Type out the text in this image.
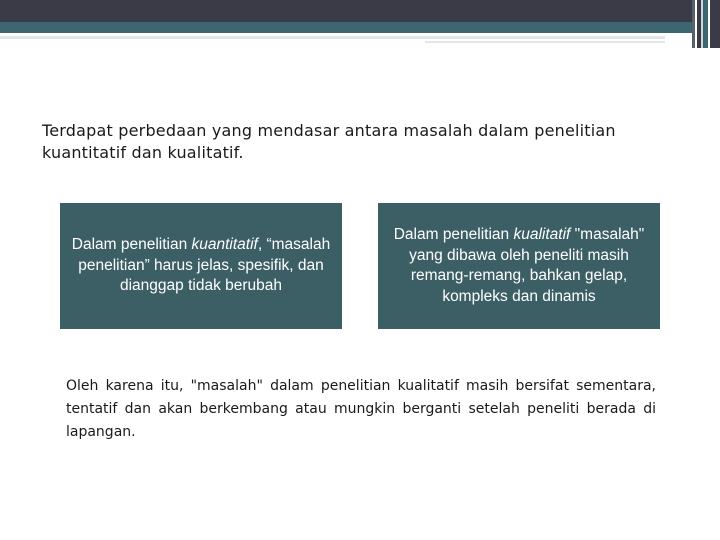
Terdapat perbedaan yang mendasar antara masalah dalam penelitian kuantitatif dan kualitatif.
Dalam penelitian kuantitatif, “masalah penelitian” harus jelas, spesifik, dan dianggap tidak berubah
Dalam penelitian kualitatif "masalah" yang dibawa oleh peneliti masih remang-remang, bahkan gelap, kompleks dan dinamis
Oleh karena itu, "masalah" dalam penelitian kualitatif masih bersifat sementara, tentatif dan akan berkembang atau mungkin berganti setelah peneliti berada di lapangan.
